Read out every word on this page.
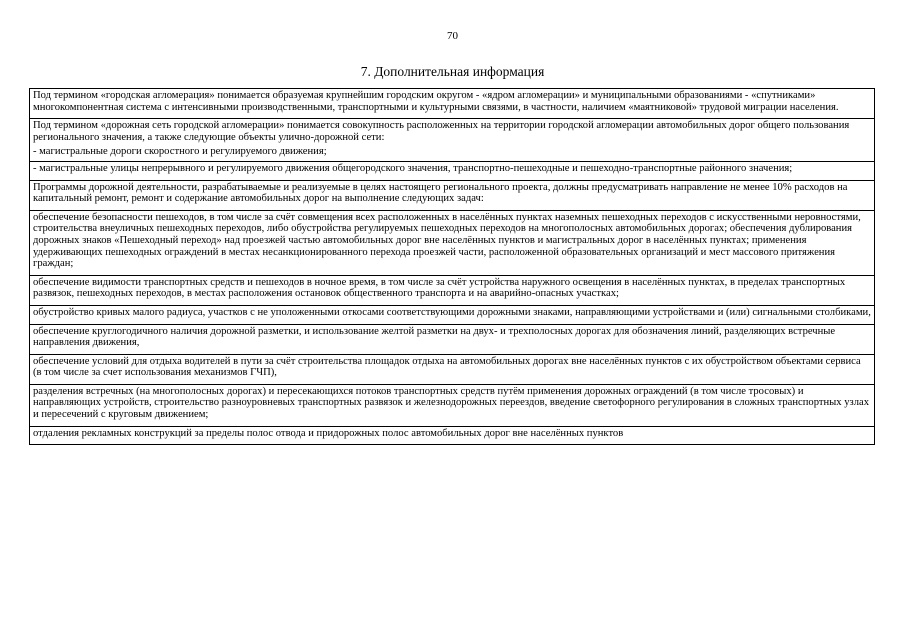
70
7. Дополнительная информация
Под термином «городская агломерация» понимается образуемая крупнейшим городским округом - «ядром агломерации» и муниципальными образованиями - «спутниками» многокомпонентная система с интенсивными производственными, транспортными и культурными связями, в частности, наличием «маятниковой» трудовой миграции населения.
Под термином «дорожная сеть городской агломерации» понимается совокупность расположенных на территории городской агломерации автомобильных дорог общего пользования регионального значения, а также следующие объекты улично-дорожной сети:
- магистральные дороги скоростного и регулируемого движения;
- магистральные улицы непрерывного и регулируемого движения общегородского значения, транспортно-пешеходные и пешеходно-транспортные районного значения;
Программы дорожной деятельности, разрабатываемые и реализуемые в целях настоящего регионального проекта, должны предусматривать направление не менее 10% расходов на капитальный ремонт, ремонт и содержание автомобильных дорог на выполнение следующих задач:
обеспечение безопасности пешеходов, в том числе за счёт совмещения всех расположенных в населённых пунктах наземных пешеходных переходов с искусственными неровностями, строительства внеуличных пешеходных переходов, либо обустройства регулируемых пешеходных переходов на многополосных автомобильных дорогах; обеспечения дублирования дорожных знаков «Пешеходный переход» над проезжей частью автомобильных дорог вне населённых пунктов и магистральных дорог в населённых пунктах; применения удерживающих пешеходных ограждений в местах несанкционированного перехода проезжей части, расположенной образовательных организаций и мест массового притяжения граждан;
обеспечение видимости транспортных средств и пешеходов в ночное время, в том числе за счёт устройства наружного освещения в населённых пунктах, в пределах транспортных развязок, пешеходных переходов, в местах расположения остановок общественного транспорта и на аварийно-опасных участках;
обустройство кривых малого радиуса, участков с не уположенными откосами соответствующими дорожными знаками, направляющими устройствами и (или) сигнальными столбиками,
обеспечение круглогодичного наличия дорожной разметки, и использование желтой разметки на двух- и трехполосных дорогах для обозначения линий, разделяющих встречные направления движения,
обеспечение условий для отдыха водителей в пути за счёт строительства площадок отдыха на автомобильных дорогах вне населённых пунктов с их обустройством объектами сервиса (в том числе за счет использования механизмов ГЧП),
разделения встречных (на многополосных дорогах) и пересекающихся потоков транспортных средств путём применения дорожных ограждений (в том числе тросовых) и направляющих устройств, строительство разноуровневых транспортных развязок и железнодорожных переездов, введение светофорного регулирования в сложных транспортных узлах и пересечений с круговым движением;
отдаления рекламных конструкций за пределы полос отвода и придорожных полос автомобильных дорог вне населённых пунктов
